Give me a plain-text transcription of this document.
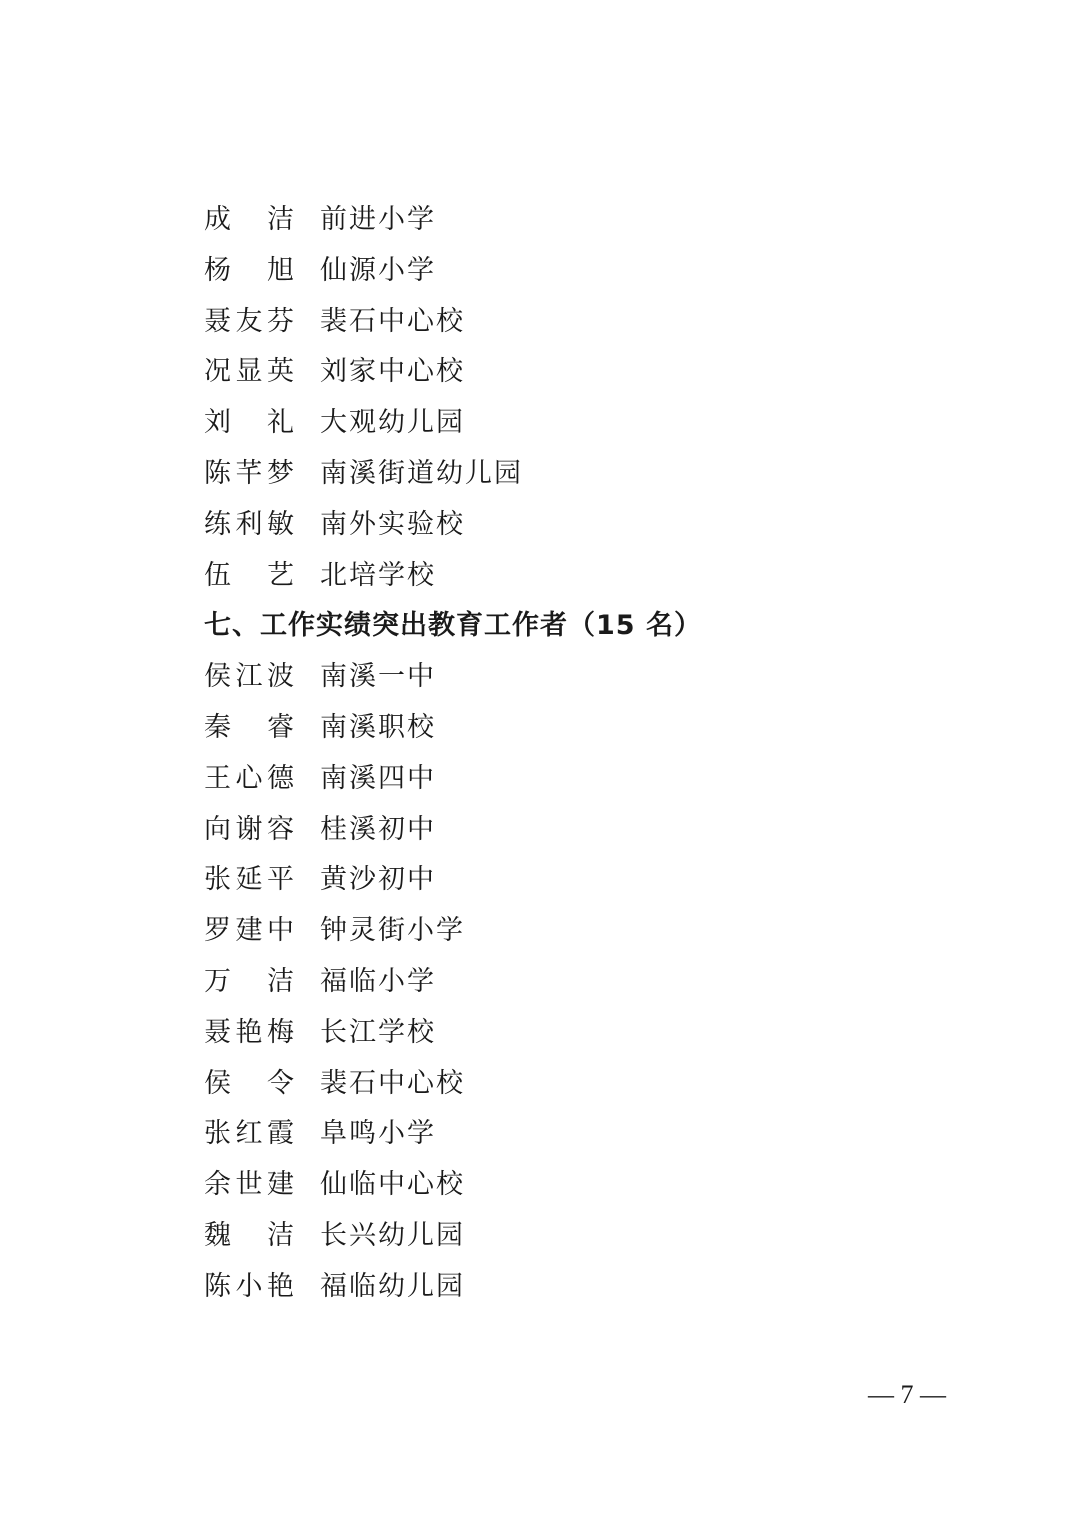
成 洁 前进小学
杨 旭 仙源小学
聂 友 芬 裴石中心校
况 显 英 刘家中心校
刘 礼 大观幼儿园
陈 芊 梦 南溪街道幼儿园
练 利 敏 南外实验校
伍 艺 北培学校
七、工作实绩突出教育工作者（15 名）
侯 江 波 南溪一中
秦 睿 南溪职校
王 心 德 南溪四中
向 谢 容 桂溪初中
张 延 平 黄沙初中
罗 建 中 钟灵街小学
万 洁 福临小学
聂 艳 梅 长江学校
侯 令 裴石中心校
张 红 霞 阜鸣小学
余 世 建 仙临中心校
魏 洁 长兴幼儿园
陈 小 艳 福临幼儿园
— 7 —
